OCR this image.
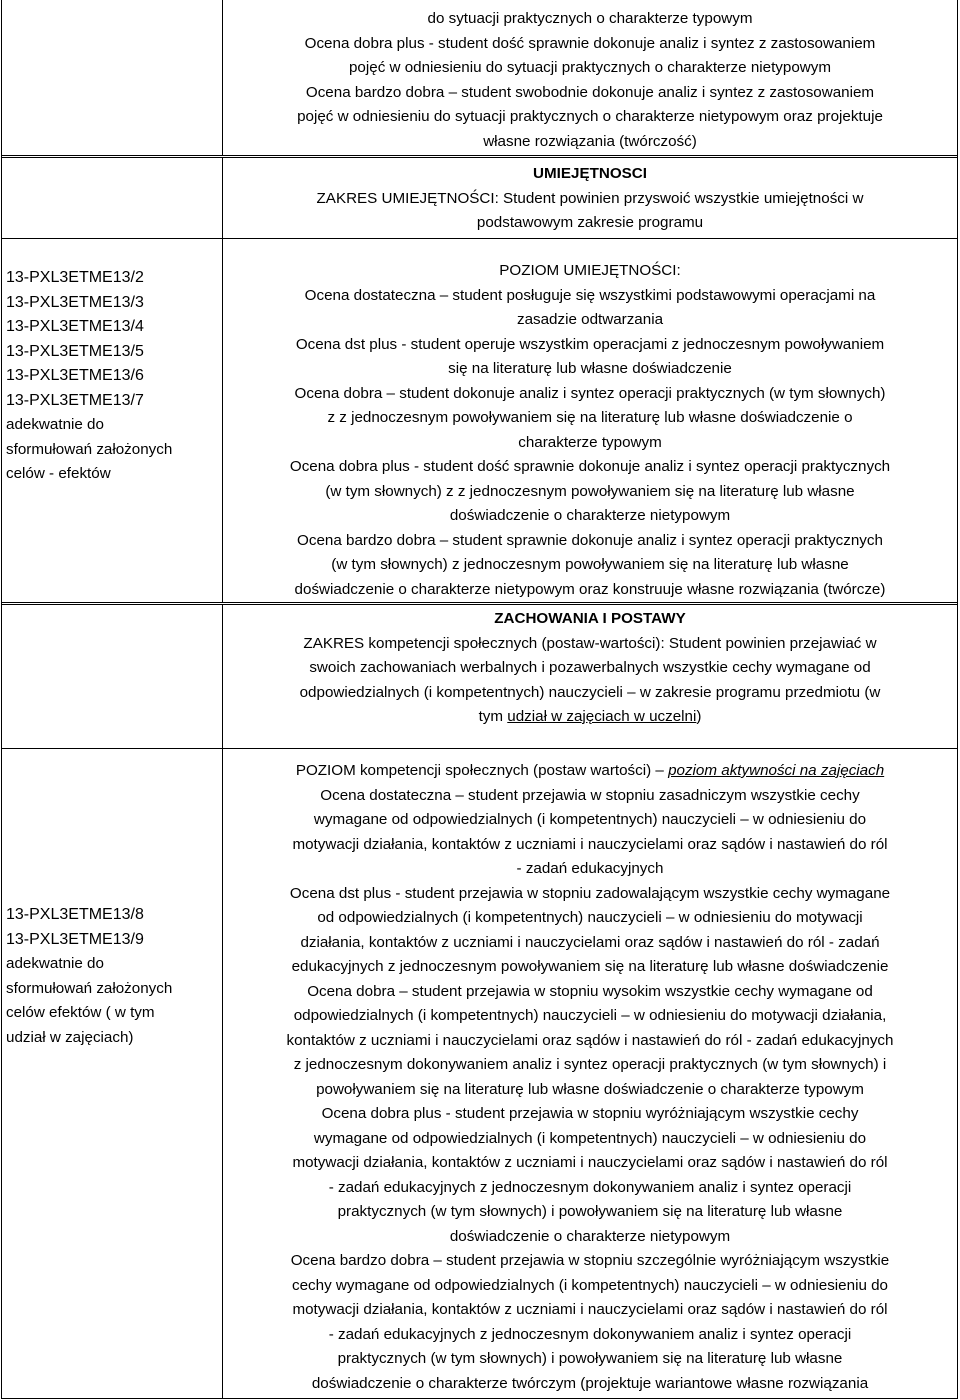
do sytuacji praktycznych o charakterze typowym
Ocena dobra plus - student dość sprawnie dokonuje analiz i syntez z zastosowaniem
pojęć w odniesieniu do sytuacji praktycznych o charakterze nietypowym
Ocena bardzo dobra – student swobodnie dokonuje analiz i syntez z zastosowaniem
pojęć w odniesieniu do sytuacji praktycznych o charakterze nietypowym oraz projektuje
własne rozwiązania (twórczość)
UMIEJĘTNOSCI
ZAKRES UMIEJĘTNOŚCI: Student powinien przyswoić wszystkie umiejętności w
podstawowym zakresie programu
13-PXL3ETME13/2
13-PXL3ETME13/3
13-PXL3ETME13/4
13-PXL3ETME13/5
13-PXL3ETME13/6
13-PXL3ETME13/7
adekwatnie do
sformułowań założonych
celów - efektów
POZIOM UMIEJĘTNOŚCI:
Ocena dostateczna – student posługuje się wszystkimi podstawowymi operacjami na
zasadzie odtwarzania
Ocena dst plus - student operuje wszystkim operacjami z jednoczesnym powoływaniem
się na literaturę lub własne doświadczenie
Ocena dobra – student dokonuje analiz i syntez operacji praktycznych (w tym słownych)
z z jednoczesnym powoływaniem się na literaturę lub własne doświadczenie o
charakterze typowym
Ocena dobra plus - student dość sprawnie dokonuje analiz i syntez operacji praktycznych
(w tym słownych) z z jednoczesnym powoływaniem się na literaturę lub własne
doświadczenie o charakterze nietypowym
Ocena bardzo dobra – student sprawnie dokonuje analiz i syntez operacji praktycznych
(w tym słownych) z jednoczesnym powoływaniem się na literaturę lub własne
doświadczenie o charakterze nietypowym oraz konstruuje własne rozwiązania (twórcze)
ZACHOWANIA I POSTAWY
ZAKRES kompetencji społecznych (postaw-wartości): Student powinien przejawiać w
swoich zachowaniach werbalnych i pozawerbalnych wszystkie cechy wymagane od
odpowiedzialnych (i kompetentnych) nauczycieli – w zakresie programu przedmiotu (w
tym udział w zajęciach w uczelni)
13-PXL3ETME13/8
13-PXL3ETME13/9
adekwatnie do
sformułowań założonych
celów efektów ( w tym
udział w zajęciach)
POZIOM kompetencji społecznych (postaw wartości) – poziom aktywności na zajęciach
Ocena dostateczna – student przejawia w stopniu zasadniczym wszystkie cechy
wymagane od odpowiedzialnych (i kompetentnych) nauczycieli – w odniesieniu do
motywacji działania, kontaktów z uczniami i nauczycielami oraz sądów i nastawień do ról
- zadań edukacyjnych
Ocena dst plus - student przejawia w stopniu zadowalającym wszystkie cechy wymagane
od odpowiedzialnych (i kompetentnych) nauczycieli – w odniesieniu do motywacji
działania, kontaktów z uczniami i nauczycielami oraz sądów i nastawień do ról - zadań
edukacyjnych z jednoczesnym powoływaniem się na literaturę lub własne doświadczenie
Ocena dobra – student przejawia w stopniu wysokim wszystkie cechy wymagane od
odpowiedzialnych (i kompetentnych) nauczycieli – w odniesieniu do motywacji działania,
kontaktów z uczniami i nauczycielami oraz sądów i nastawień do ról - zadań edukacyjnych
z jednoczesnym dokonywaniem analiz i syntez operacji praktycznych (w tym słownych) i
powoływaniem się na literaturę lub własne doświadczenie o charakterze typowym
Ocena dobra plus - student przejawia w stopniu wyróżniającym wszystkie cechy
wymagane od odpowiedzialnych (i kompetentnych) nauczycieli – w odniesieniu do
motywacji działania, kontaktów z uczniami i nauczycielami oraz sądów i nastawień do ról
- zadań edukacyjnych z jednoczesnym dokonywaniem analiz i syntez operacji
praktycznych (w tym słownych) i powoływaniem się na literaturę lub własne
doświadczenie o charakterze nietypowym
Ocena bardzo dobra – student przejawia w stopniu szczególnie wyróżniającym wszystkie
cechy wymagane od odpowiedzialnych (i kompetentnych) nauczycieli – w odniesieniu do
motywacji działania, kontaktów z uczniami i nauczycielami oraz sądów i nastawień do ról
- zadań edukacyjnych z jednoczesnym dokonywaniem analiz i syntez operacji
praktycznych (w tym słownych) i powoływaniem się na literaturę lub własne
doświadczenie o charakterze twórczym (projektuje wariantowe własne rozwiązania
